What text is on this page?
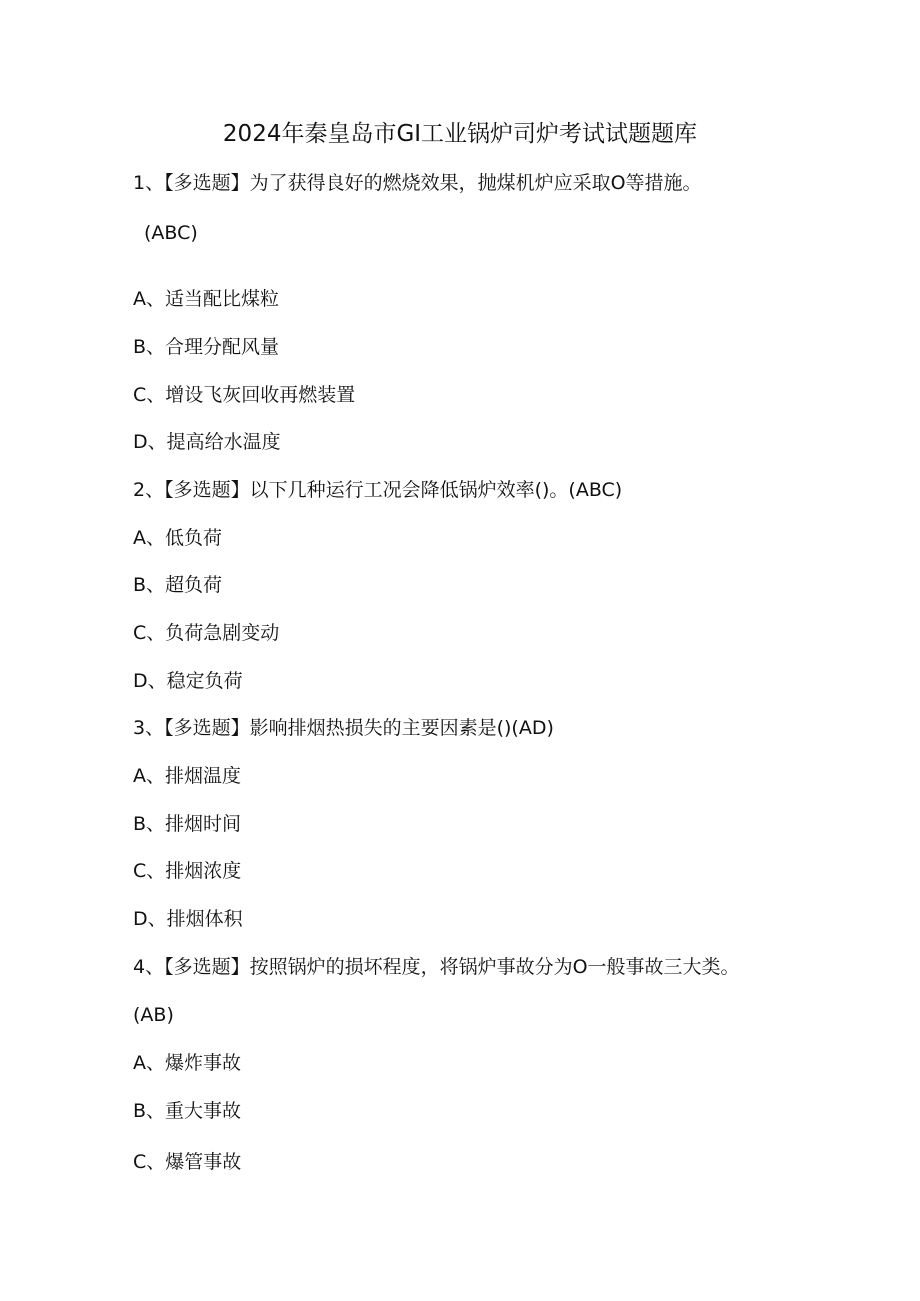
2024年秦皇岛市GI工业锅炉司炉考试试题题库
1、【多选题】为了获得良好的燃烧效果，抛煤机炉应采取O等措施。
(ABC)
A、适当配比煤粒
B、合理分配风量
C、增设飞灰回收再燃装置
D、提高给水温度
2、【多选题】以下几种运行工况会降低锅炉效率()。(ABC)
A、低负荷
B、超负荷
C、负荷急剧变动
D、稳定负荷
3、【多选题】影响排烟热损失的主要因素是()(AD)
A、排烟温度
B、排烟时间
C、排烟浓度
D、排烟体积
4、【多选题】按照锅炉的损坏程度，将锅炉事故分为O一般事故三大类。
(AB)
A、爆炸事故
B、重大事故
C、爆管事故
